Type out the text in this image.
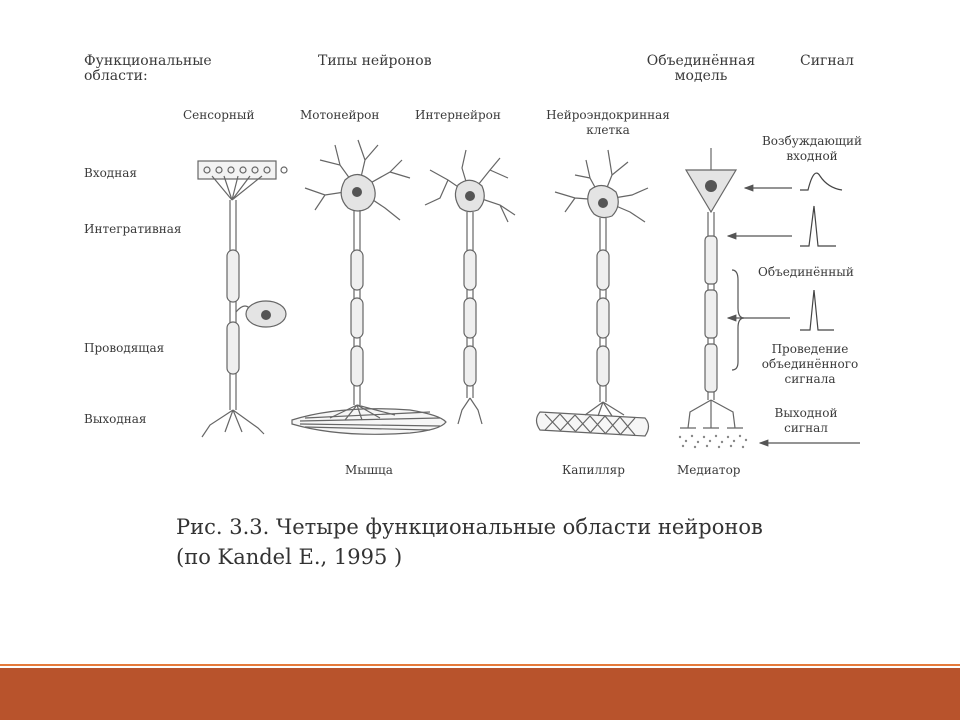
Функциональные
области:
Типы нейронов	Объединённая
модель
Сигнал
Сенсорный	Мотонейрон	Интернейрон	Нейроэндокринная
клетка
Входная
Интегративная
Проводящая
Выходная
Возбуждающий
входной
Объединённый
Проведение
объединённого
сигнала
Выходной
сигнал
Мышца	Капилляр	Медиатор
Рис. 3.3. Четыре функциональные области нейронов
(по Kandel E., 1995 )
